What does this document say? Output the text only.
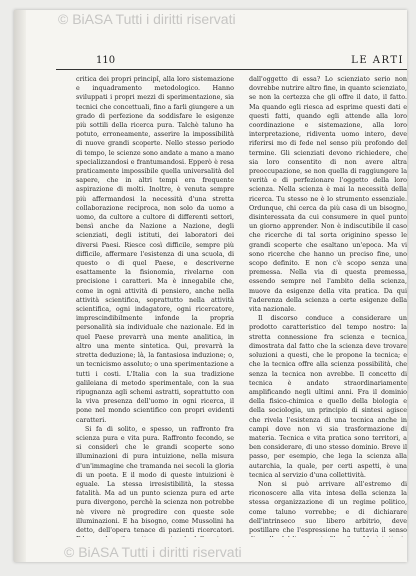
© BiASA Tutti i diritti riservati
110	LE ARTI

critica dei propri principî, alla loro sistemazione e inquadramento metodologico. Hanno sviluppati i propri mezzi di sperimentazione, sia tecnici che concettuali, fino a farli giungere a un grado di perfezione da soddisfare le esigenze più sottili della ricerca pura. Talchè taluno ha potuto, erroneamente, asserire la impossibilità di nuove grandi scoperte. Nello stesso periodo di tempo, le scienze sono andate a mano a mano specializzandosi e frantumandosi. Epperò è resa praticamente impossibile quella universalità del sapere, che in altri tempi era frequente aspirazione di molti. Inoltre, è venuta sempre più affermandosi la necessità d'una stretta collaborazione reciproca, non solo da uomo a uomo, da cultore a cultore di differenti settori, bensì anche da Nazione a Nazione, degli scienziati, degli istituti, dei laboratori dei diversi Paesi. Riesce così difficile, sempre più difficile, affermare l'esistenza di una scuola, di questo o di quel Paese, e descriverne esattamente la fisionomia, rivelarne con precisione i caratteri. Ma è innegabile che, come in ogni attività di pensiero, anche nella attività scientifica, soprattutto nella attività scientifica, ogni indagatore, ogni ricercatore, imprescindibilmente infonde la propria personalità sia individuale che nazionale. Ed in quel Paese prevarrà una mente analitica, in altro una mente sintetica. Qui, prevarrà la stretta deduzione; là, la fantasiosa induzione; o, un tecnicismo assoluto; o una sperimentazione a tutti i costi. L'Italia con la sua tradizione galileiana di metodo sperimentale, con la sua ripugnanza agli schemi astratti, soprattutto con la viva presenza dell'uomo in ogni ricerca, il pone nel mondo scientifico con propri evidenti caratteri.

Si fa di solito, e spesso, un raffronto fra scienza pura e vita pura. Raffronto fecondo, se si considerì che le grandi scoperte sono illuminazioni di pura intuizione, nella misura d'un'immagine che tramanda nei secoli la gloria di un poeta. E il modo di queste intuizioni è eguale. La stessa irresistibilità, la stessa fatalità. Ma ad un punto scienza pura ed arte pura divergono, perchè la scienza non potrebbe nè vivere nè progredire con queste sole illuminazioni. E ha bisogno, come Mussolini ha detto, dell'opera tenace di pazienti ricercatori.

dall'oggetto di essa? Lo scienziato serio non dovrebbe nutrire altro fine, in quanto scienziato, se non la certezza che gli offre il dato, il fatto. Ma quando egli riesca ad esprime questi dati e questi fatti, quando egli attende alla loro coordinazione e sistemazione, alla loro interpretazione, ridiventa uomo intero, deve riferirsi mo di fede nel senso più profondo del termine. Gli scienziati devono richiedere, che sia loro consentito di non avere altra preoccupazione, se non quella di raggiungere la verità e di perfezionare l'oggetto della loro scienza. Nella scienza è mai la necessità della ricerca. Tu stesso ne è lo strumento essenziale. Ordunque, chi cerca da più casa di un bisogno, disinteressata da cui consumere in quel punto un giorno apprender. Non è indiscutibile il caso che ricerche di tal sorta originino spesso le grandi scoperte che esaltano un'epoca. Ma vi sono ricerche che hanno un preciso fine, uno scopo definito. E non c'è scopo senza una premessa. Nella via di questa premessa, essendo sempre nel l'ambito della scienza, muove da esigenze della vita pratica. Da qui l'aderenza della scienza a certe esigenze della vita nazionale.

Il discorso conduce a considerare un prodotto caratteristico del tempo nostro: la stretta connessione fra scienza e tecnica, dimostrata dal fatto che la scienza deve trovare soluzioni a questi, che le propone la tecnica; e che la tecnica offre alla scienza possibilità, che senza la tecnica non avrebbe. Il concetto di tecnica è andato straordinariamente amplificando negli ultimi anni. Fra il dominio della fisico-chimica e quello della biologia e della sociologia, un principio di sintesi agisce che rivela l'esistenza di una tecnica anche in campi dove non vi sia trasformazione di materia. Tecnica e vita pratica sono territori, a ben considerare, di uno stesso dominio. Breve il passo, per esempio, che lega la scienza alla autarchia, la quale, per certi aspetti, è una tecnica al servizio d'una collettività.

Non si può arrivare all'estremo di riconoscere alla vita intesa della scienza la stessa organizzazione di un regime politico, come taluno vorrebbe; e di dichiarare dell'intrinseco suo libero arbitrio, deve postillare che l'espressione ha tuttavia il senso

© BiASA Tutti i diritti riservati
